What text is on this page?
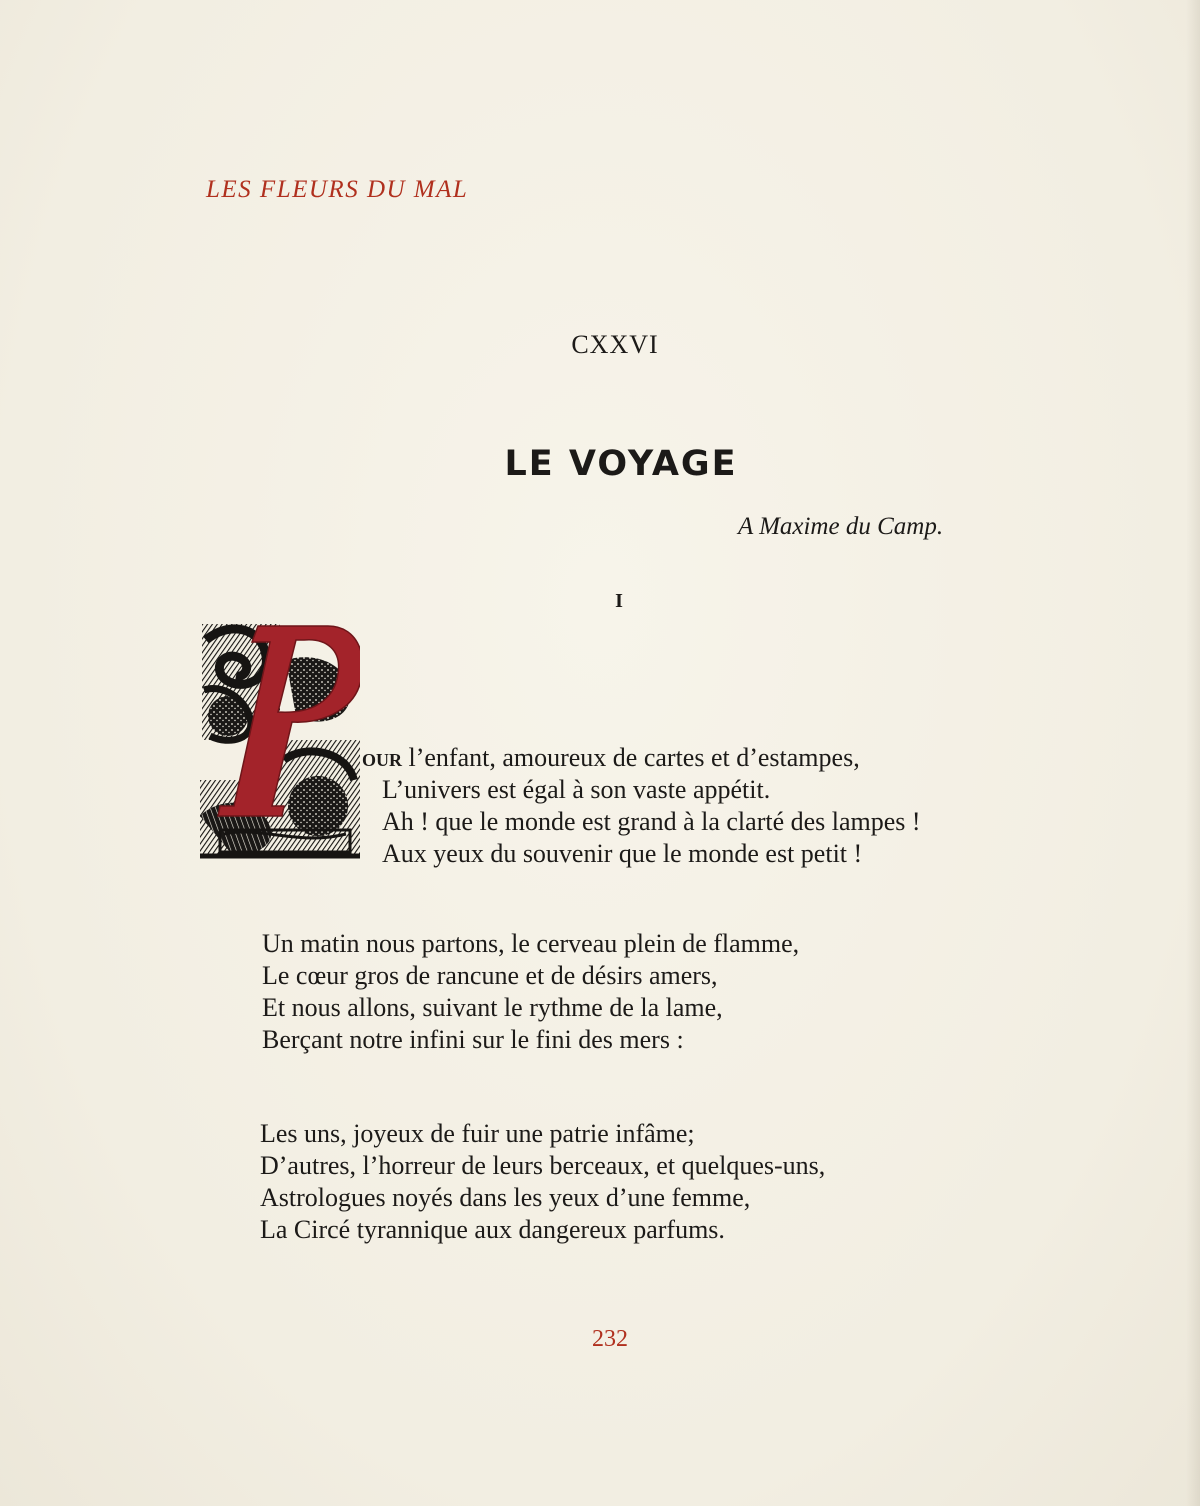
LES FLEURS DU MAL
CXXVI
LE VOYAGE
A Maxime du Camp.
I
our l’enfant, amoureux de cartes et d’estampes,
L’univers est égal à son vaste appétit.
Ah ! que le monde est grand à la clarté des lampes !
Aux yeux du souvenir que le monde est petit !
Un matin nous partons, le cerveau plein de flamme,
Le cœur gros de rancune et de désirs amers,
Et nous allons, suivant le rythme de la lame,
Berçant notre infini sur le fini des mers :
Les uns, joyeux de fuir une patrie infâme;
D’autres, l’horreur de leurs berceaux, et quelques-uns,
Astrologues noyés dans les yeux d’une femme,
La Circé tyrannique aux dangereux parfums.
232
